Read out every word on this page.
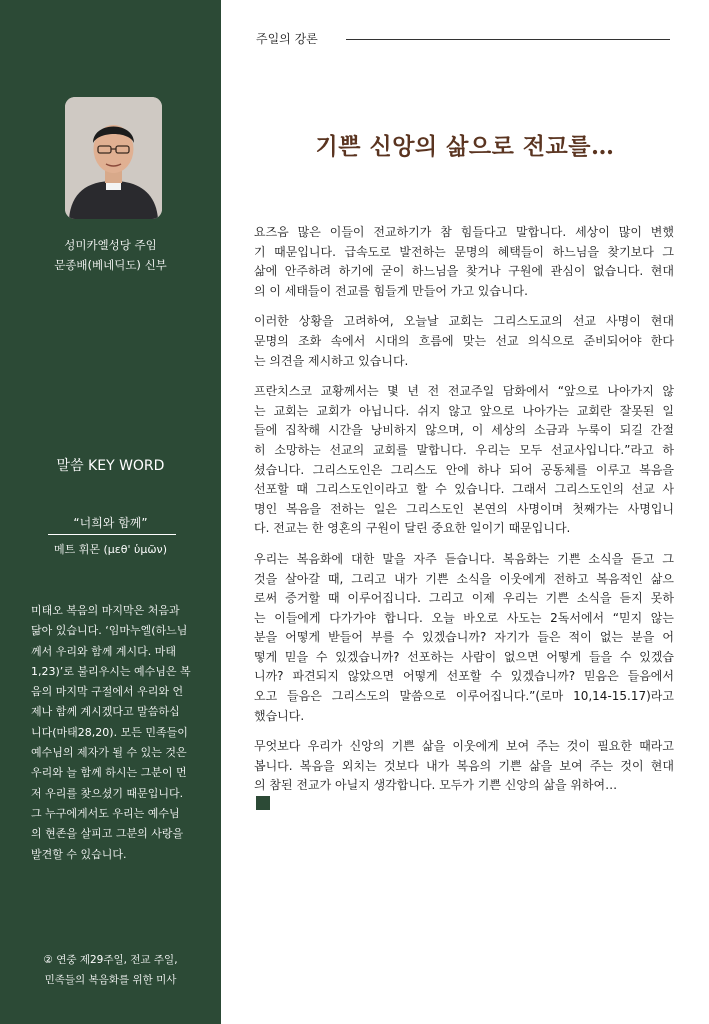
성미카엘성당 주임
문종배(베네딕도) 신부
말씀 KEY WORD
“너희와 함께”
메트 휘몬 (μεθ' ὑμῶν)
미태오 복음의 마지막은 처음과
닮아 있습니다. ‘임마누엘(하느님
께서 우리와 함께 계시다. 마태
1,23)’로 불리우시는 예수님은 복
음의 마지막 구절에서 우리와 언
제나 함께 계시겠다고 말씀하십
니다(마태28,20). 모든 민족들이
예수님의 제자가 될 수 있는 것은
우리와 늘 함께 하시는 그분이 먼
저 우리를 찾으셨기 때문입니다.
그 누구에게서도 우리는 예수님
의 현존을 살피고 그분의 사랑을
발견할 수 있습니다.
② 연중 제29주일, 전교 주일,
민족들의 복음화를 위한 미사
주일의 강론
기쁜 신앙의 삶으로 전교를…

요즈음 많은 이들이 전교하기가 참 힘들다고 말합니다. 세상이 많이 변했
기 때문입니다. 급속도로 발전하는 문명의 혜택들이 하느님을 찾기보다 그
삶에 안주하려 하기에 굳이 하느님을 찾거나 구원에 관심이 없습니다. 현대
의 이 세태들이 전교를 힘들게 만들어 가고 있습니다.

이러한 상황을 고려하여, 오늘날 교회는 그리스도교의 선교 사명이 현대
문명의 조화 속에서 시대의 흐름에 맞는 선교 의식으로 준비되어야 한다
는 의견을 제시하고 있습니다.

프란치스코 교황께서는 몇 년 전 전교주일 담화에서 “앞으로 나아가지 않
는 교회는 교회가 아닙니다. 쉬지 않고 앞으로 나아가는 교회란 잘못된 일
들에 집착해 시간을 낭비하지 않으며, 이 세상의 소금과 누룩이 되길 간절
히 소망하는 선교의 교회를 말합니다. 우리는 모두 선교사입니다.”라고 하
셨습니다. 그리스도인은 그리스도 안에 하나 되어 공동체를 이루고 복음을
선포할 때 그리스도인이라고 할 수 있습니다. 그래서 그리스도인의 선교 사
명인 복음을 전하는 일은 그리스도인 본연의 사명이며 첫째가는 사명입니
다. 전교는 한 영혼의 구원이 달린 중요한 일이기 때문입니다.

우리는 복음화에 대한 말을 자주 듣습니다. 복음화는 기쁜 소식을 듣고 그
것을 살아갈 때, 그리고 내가 기쁜 소식을 이웃에게 전하고 복음적인 삶으
로써 증거할 때 이루어집니다. 그리고 이제 우리는 기쁜 소식을 듣지 못하
는 이들에게 다가가야 합니다. 오늘 바오로 사도는 2독서에서 “믿지 않는
분을 어떻게 받들어 부를 수 있겠습니까? 자기가 들은 적이 없는 분을 어
떻게 믿을 수 있겠습니까? 선포하는 사람이 없으면 어떻게 들을 수 있겠습
니까? 파견되지 않았으면 어떻게 선포할 수 있겠습니까? 믿음은 들음에서
오고 들음은 그리스도의 말씀으로 이루어집니다.”(로마 10,14-15.17)라고
했습니다.

무엇보다 우리가 신앙의 기쁜 삶을 이웃에게 보여 주는 것이 필요한 때라고
봅니다. 복음을 외치는 것보다 내가 복음의 기쁜 삶을 보여 주는 것이 현대
의 참된 전교가 아닐지 생각합니다. 모두가 기쁜 신앙의 삶을 위하여…
